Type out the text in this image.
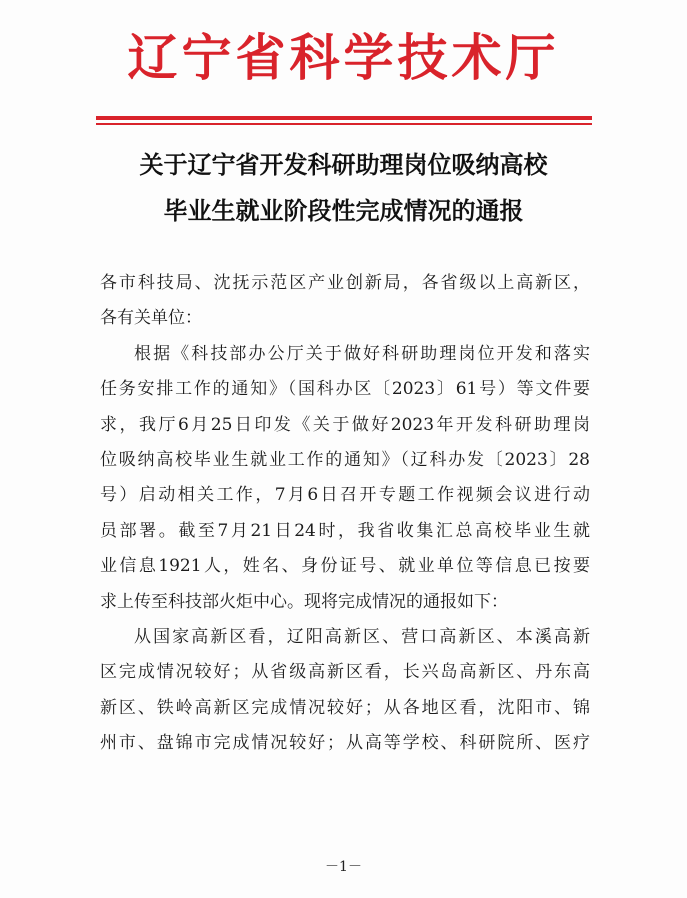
辽宁省科学技术厅
关于辽宁省开发科研助理岗位吸纳高校
毕业生就业阶段性完成情况的通报
各市科技局、沈抚示范区产业创新局，各省级以上高新区，
各有关单位：
根据《科技部办公厅关于做好科研助理岗位开发和落实
任务安排工作的通知》（国科办区〔2023〕61号）等文件要
求，我厅6月25日印发《关于做好2023年开发科研助理岗
位吸纳高校毕业生就业工作的通知》（辽科办发〔2023〕28
号）启动相关工作，7月6日召开专题工作视频会议进行动
员部署。截至7月21日24时，我省收集汇总高校毕业生就
业信息1921人，姓名、身份证号、就业单位等信息已按要
求上传至科技部火炬中心。现将完成情况的通报如下：
从国家高新区看，辽阳高新区、营口高新区、本溪高新
区完成情况较好；从省级高新区看，长兴岛高新区、丹东高
新区、铁岭高新区完成情况较好；从各地区看，沈阳市、锦
州市、盘锦市完成情况较好；从高等学校、科研院所、医疗
－1－
